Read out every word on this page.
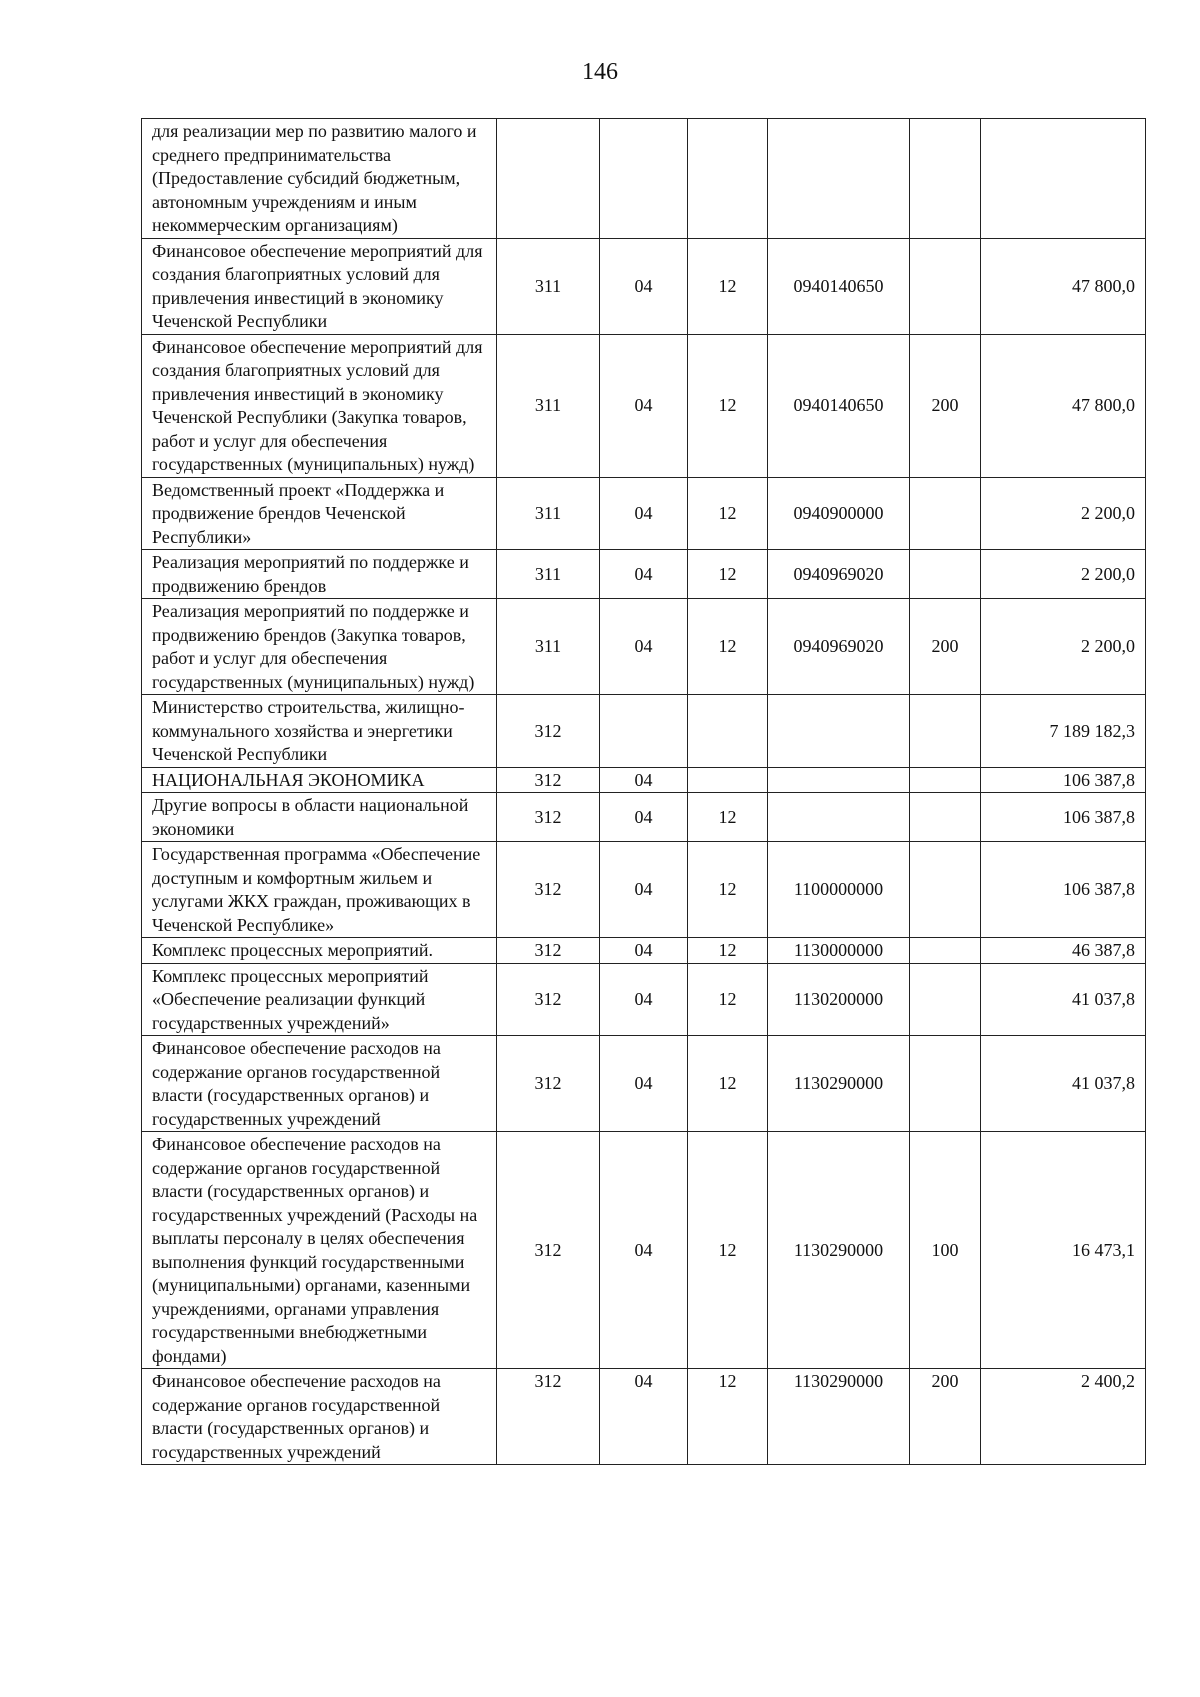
146
для реализации мер по развитию малого и среднего предпринимательства (Предоставление субсидий бюджетным, автономным учреждениям и иным некоммерческим организациям)						
Финансовое обеспечение мероприятий для создания благоприятных условий для привлечения инвестиций в экономику Чеченской Республики	311	04	12	0940140650		47 800,0
Финансовое обеспечение мероприятий для создания благоприятных условий для привлечения инвестиций в экономику Чеченской Республики (Закупка товаров, работ и услуг для обеспечения государственных (муниципальных) нужд)	311	04	12	0940140650	200	47 800,0
Ведомственный проект «Поддержка и продвижение брендов Чеченской Республики»	311	04	12	0940900000		2 200,0
Реализация мероприятий по поддержке и продвижению брендов	311	04	12	0940969020		2 200,0
Реализация мероприятий по поддержке и продвижению брендов (Закупка товаров, работ и услуг для обеспечения государственных (муниципальных) нужд)	311	04	12	0940969020	200	2 200,0
Министерство строительства, жилищно-коммунального хозяйства и энергетики Чеченской Республики	312					7 189 182,3
НАЦИОНАЛЬНАЯ ЭКОНОМИКА	312	04				106 387,8
Другие вопросы в области национальной экономики	312	04	12			106 387,8
Государственная программа «Обеспечение доступным и комфортным жильем и услугами ЖКХ граждан, проживающих в Чеченской Республике»	312	04	12	1100000000		106 387,8
Комплекс процессных мероприятий.	312	04	12	1130000000		46 387,8
Комплекс процессных мероприятий «Обеспечение реализации функций государственных учреждений»	312	04	12	1130200000		41 037,8
Финансовое обеспечение расходов на содержание органов государственной власти (государственных органов) и государственных учреждений	312	04	12	1130290000		41 037,8
Финансовое обеспечение расходов на содержание органов государственной власти (государственных органов) и государственных учреждений (Расходы на выплаты персоналу в целях обеспечения выполнения функций государственными (муниципальными) органами, казенными учреждениями, органами управления государственными внебюджетными фондами)	312	04	12	1130290000	100	16 473,1
Финансовое обеспечение расходов на содержание органов государственной власти (государственных органов) и государственных учреждений	312	04	12	1130290000	200	2 400,2
